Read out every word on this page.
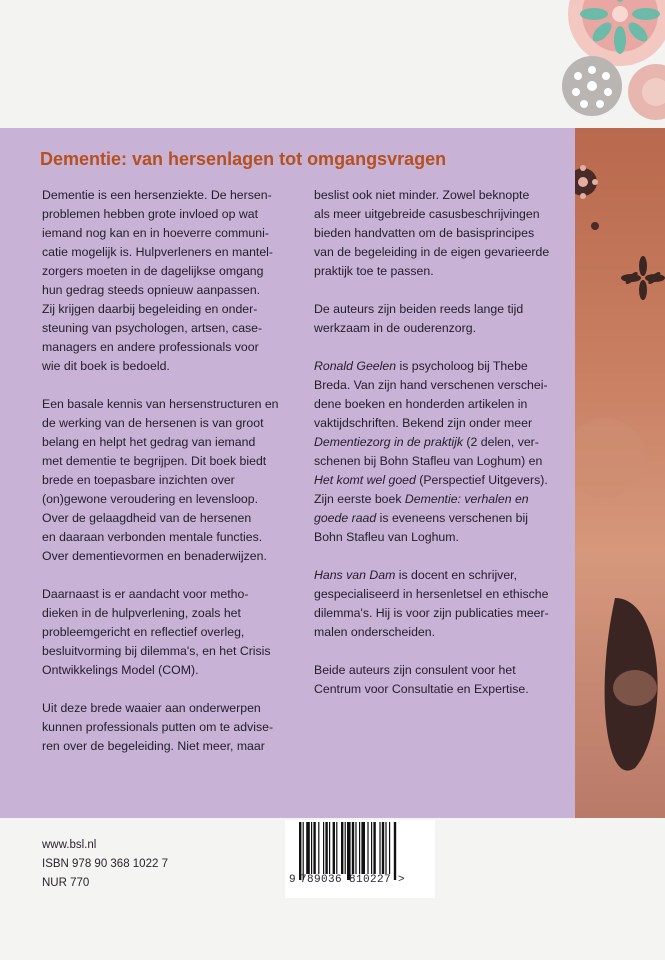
Dementie: van hersenlagen tot omgangsvragen

Dementie is een hersenziekte. De hersen-
problemen hebben grote invloed op wat
iemand nog kan en in hoeverre communi-
catie mogelijk is. Hulpverleners en mantel-
zorgers moeten in de dagelijkse omgang
hun gedrag steeds opnieuw aanpassen.
Zij krijgen daarbij begeleiding en onder-
steuning van psychologen, artsen, case-
managers en andere professionals voor
wie dit boek is bedoeld.

Een basale kennis van hersenstructuren en
de werking van de hersenen is van groot
belang en helpt het gedrag van iemand
met dementie te begrijpen. Dit boek biedt
brede en toepasbare inzichten over
(on)gewone veroudering en levensloop.
Over de gelaagdheid van de hersenen
en daaraan verbonden mentale functies.
Over dementievormen en benaderwijzen.

Daarnaast is er aandacht voor metho-
dieken in de hulpverlening, zoals het
probleemgericht en reflectief overleg,
besluitvorming bij dilemma's, en het Crisis
Ontwikkelings Model (COM).

Uit deze brede waaier aan onderwerpen
kunnen professionals putten om te advise-
ren over de begeleiding. Niet meer, maar

beslist ook niet minder. Zowel beknopte
als meer uitgebreide casusbeschrijvingen
bieden handvatten om de basisprincipes
van de begeleiding in de eigen gevarieerde
praktijk toe te passen.

De auteurs zijn beiden reeds lange tijd
werkzaam in de ouderenzorg.

Ronald Geelen is psycholoog bij Thebe
Breda. Van zijn hand verschenen verschei-
dene boeken en honderden artikelen in
vaktijdschriften. Bekend zijn onder meer
Dementiezorg in de praktijk (2 delen, ver-
schenen bij Bohn Stafleu van Loghum) en
Het komt wel goed (Perspectief Uitgevers).
Zijn eerste boek Dementie: verhalen en
goede raad is eveneens verschenen bij
Bohn Stafleu van Loghum.

Hans van Dam is docent en schrijver,
gespecialiseerd in hersenletsel en ethische
dilemma's. Hij is voor zijn publicaties meer-
malen onderscheiden.

Beide auteurs zijn consulent voor het
Centrum voor Consultatie en Expertise.

www.bsl.nl
ISBN 978 90 368 1022 7
NUR 770	9 789036 810227 >
